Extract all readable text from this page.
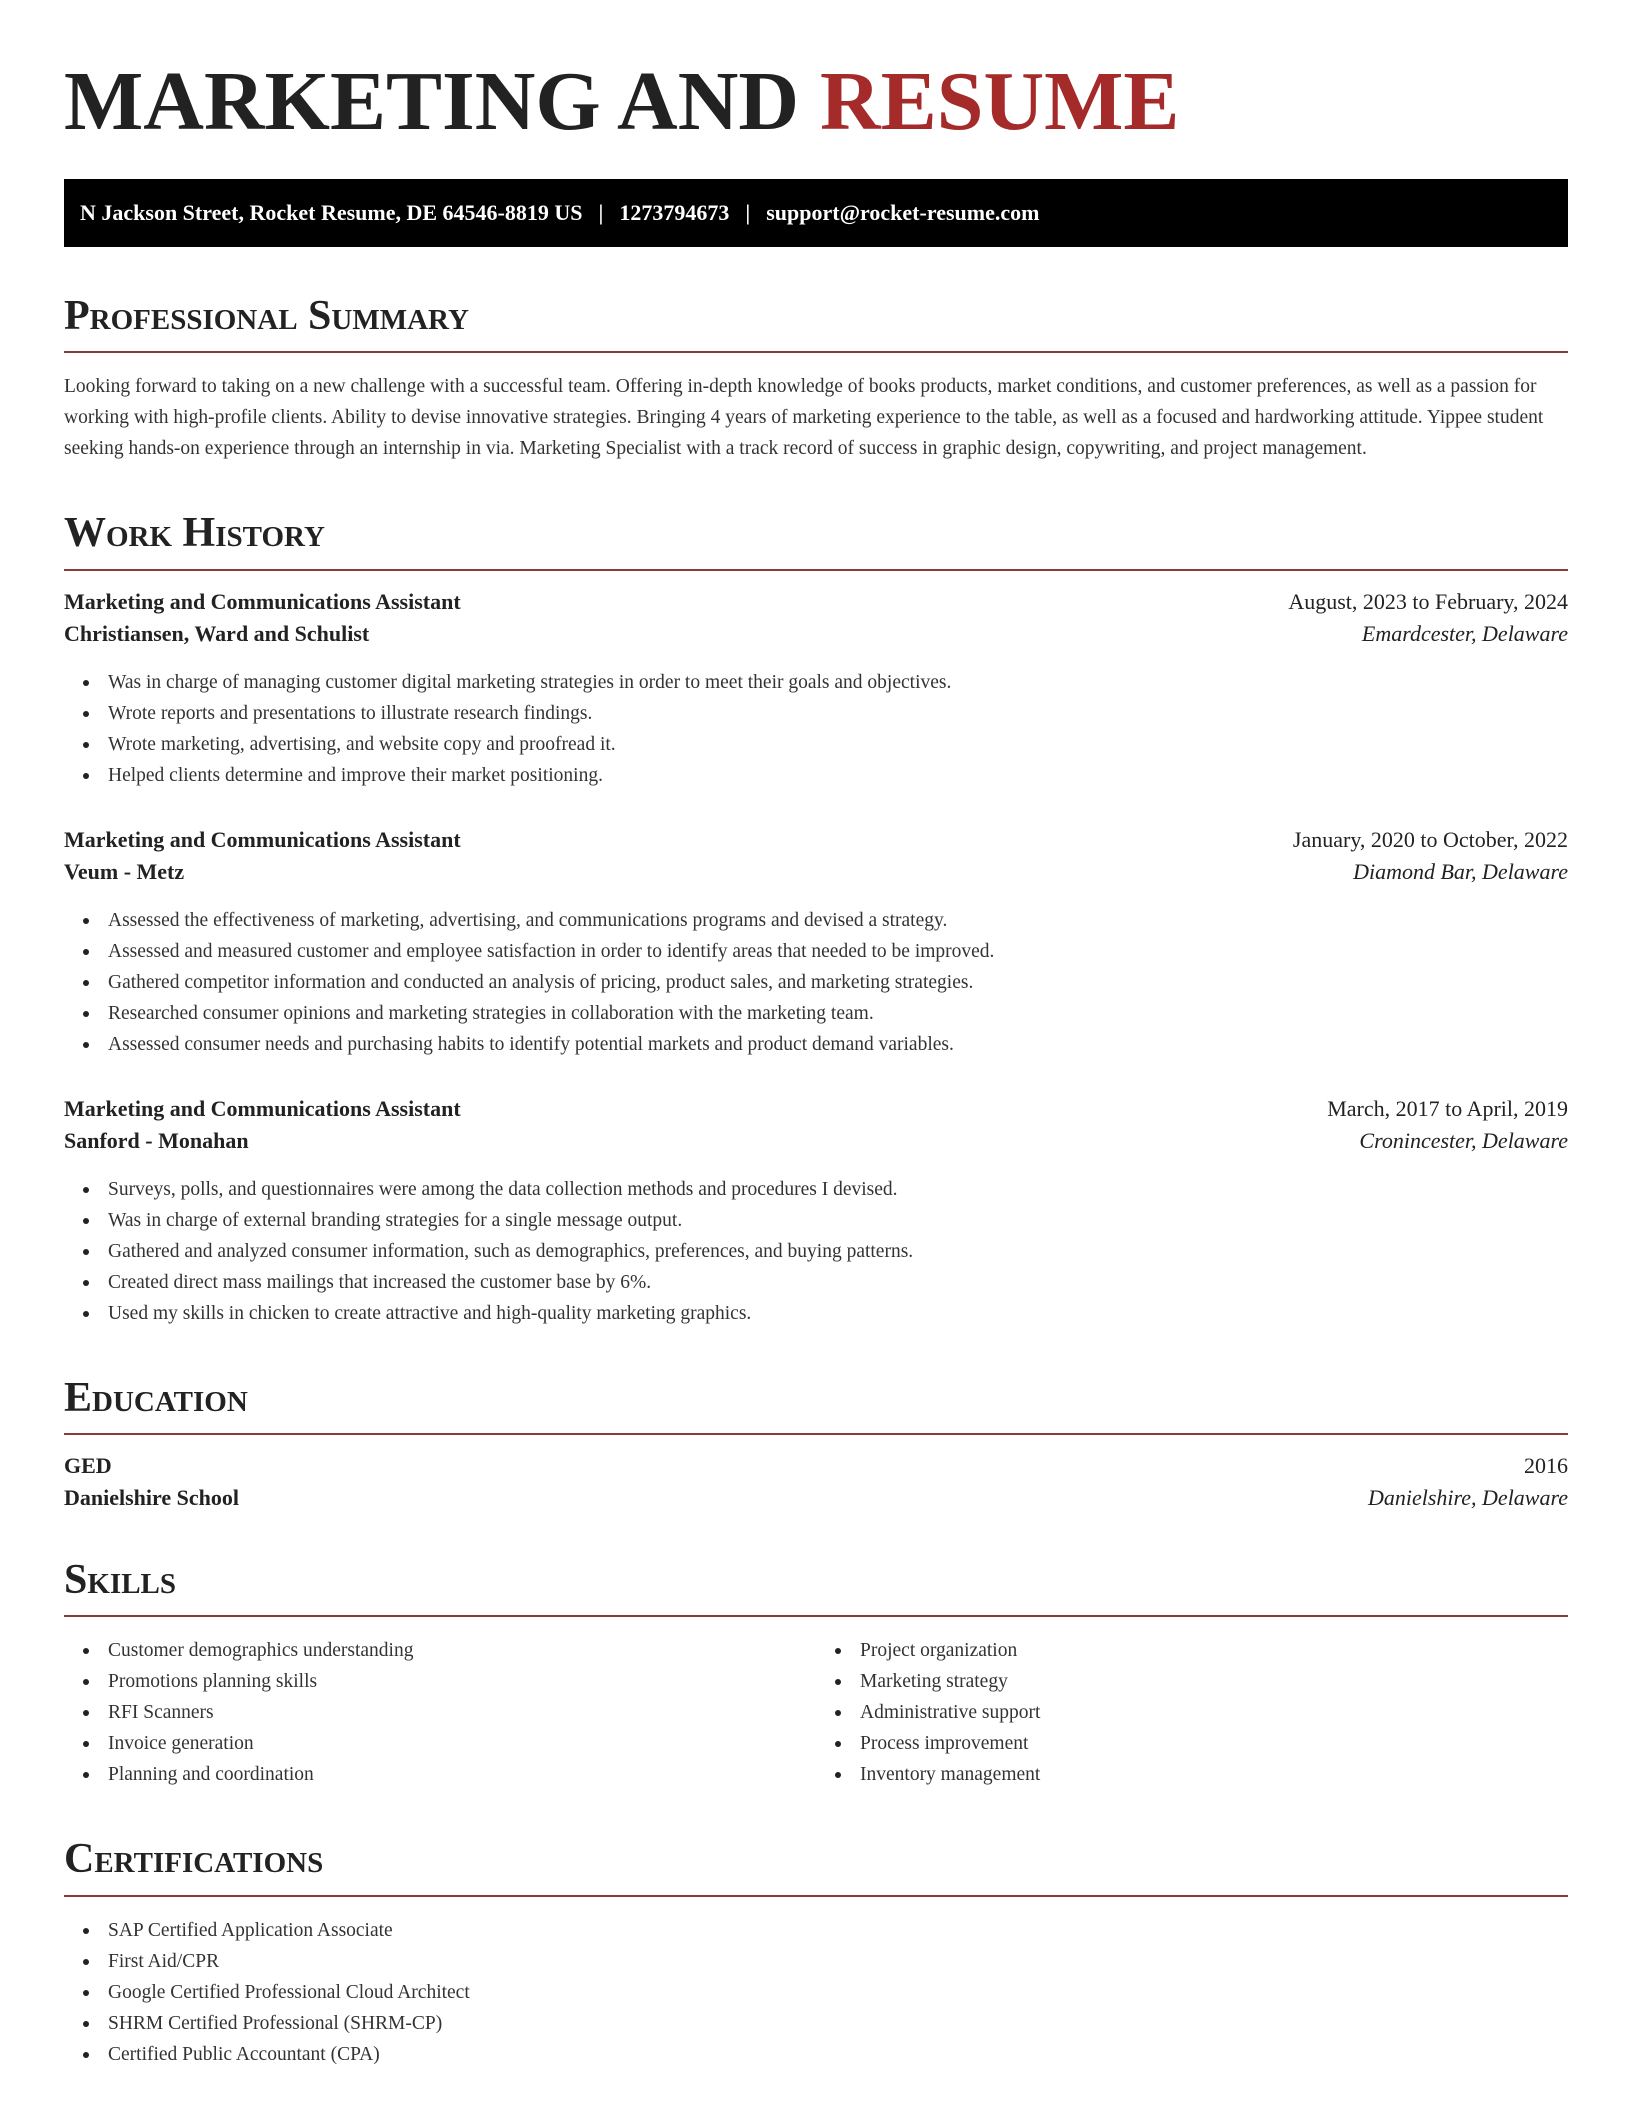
MARKETING AND RESUME
N Jackson Street, Rocket Resume, DE 64546-8819 US | 1273794673 | support@rocket-resume.com
Professional Summary

Looking forward to taking on a new challenge with a successful team. Offering in-depth knowledge of books products, market conditions, and customer preferences, as well as a passion for working with high-profile clients. Ability to devise innovative strategies. Bringing 4 years of marketing experience to the table, as well as a focused and hardworking attitude. Yippee student seeking hands-on experience through an internship in via. Marketing Specialist with a track record of success in graphic design, copywriting, and project management.

Work History
Marketing and Communications Assistant	August, 2023 to February, 2024
Christiansen, Ward and Schulist	Emardcester, Delaware
Was in charge of managing customer digital marketing strategies in order to meet their goals and objectives.
Wrote reports and presentations to illustrate research findings.
Wrote marketing, advertising, and website copy and proofread it.
Helped clients determine and improve their market positioning.
Marketing and Communications Assistant	January, 2020 to October, 2022
Veum - Metz	Diamond Bar, Delaware
Assessed the effectiveness of marketing, advertising, and communications programs and devised a strategy.
Assessed and measured customer and employee satisfaction in order to identify areas that needed to be improved.
Gathered competitor information and conducted an analysis of pricing, product sales, and marketing strategies.
Researched consumer opinions and marketing strategies in collaboration with the marketing team.
Assessed consumer needs and purchasing habits to identify potential markets and product demand variables.
Marketing and Communications Assistant	March, 2017 to April, 2019
Sanford - Monahan	Cronincester, Delaware
Surveys, polls, and questionnaires were among the data collection methods and procedures I devised.
Was in charge of external branding strategies for a single message output.
Gathered and analyzed consumer information, such as demographics, preferences, and buying patterns.
Created direct mass mailings that increased the customer base by 6%.
Used my skills in chicken to create attractive and high-quality marketing graphics.
Education
GED	2016
Danielshire School	Danielshire, Delaware
Skills
Customer demographics understanding
Promotions planning skills
RFI Scanners
Invoice generation
Planning and coordination
Project organization
Marketing strategy
Administrative support
Process improvement
Inventory management
Certifications
SAP Certified Application Associate
First Aid/CPR
Google Certified Professional Cloud Architect
SHRM Certified Professional (SHRM-CP)
Certified Public Accountant (CPA)
